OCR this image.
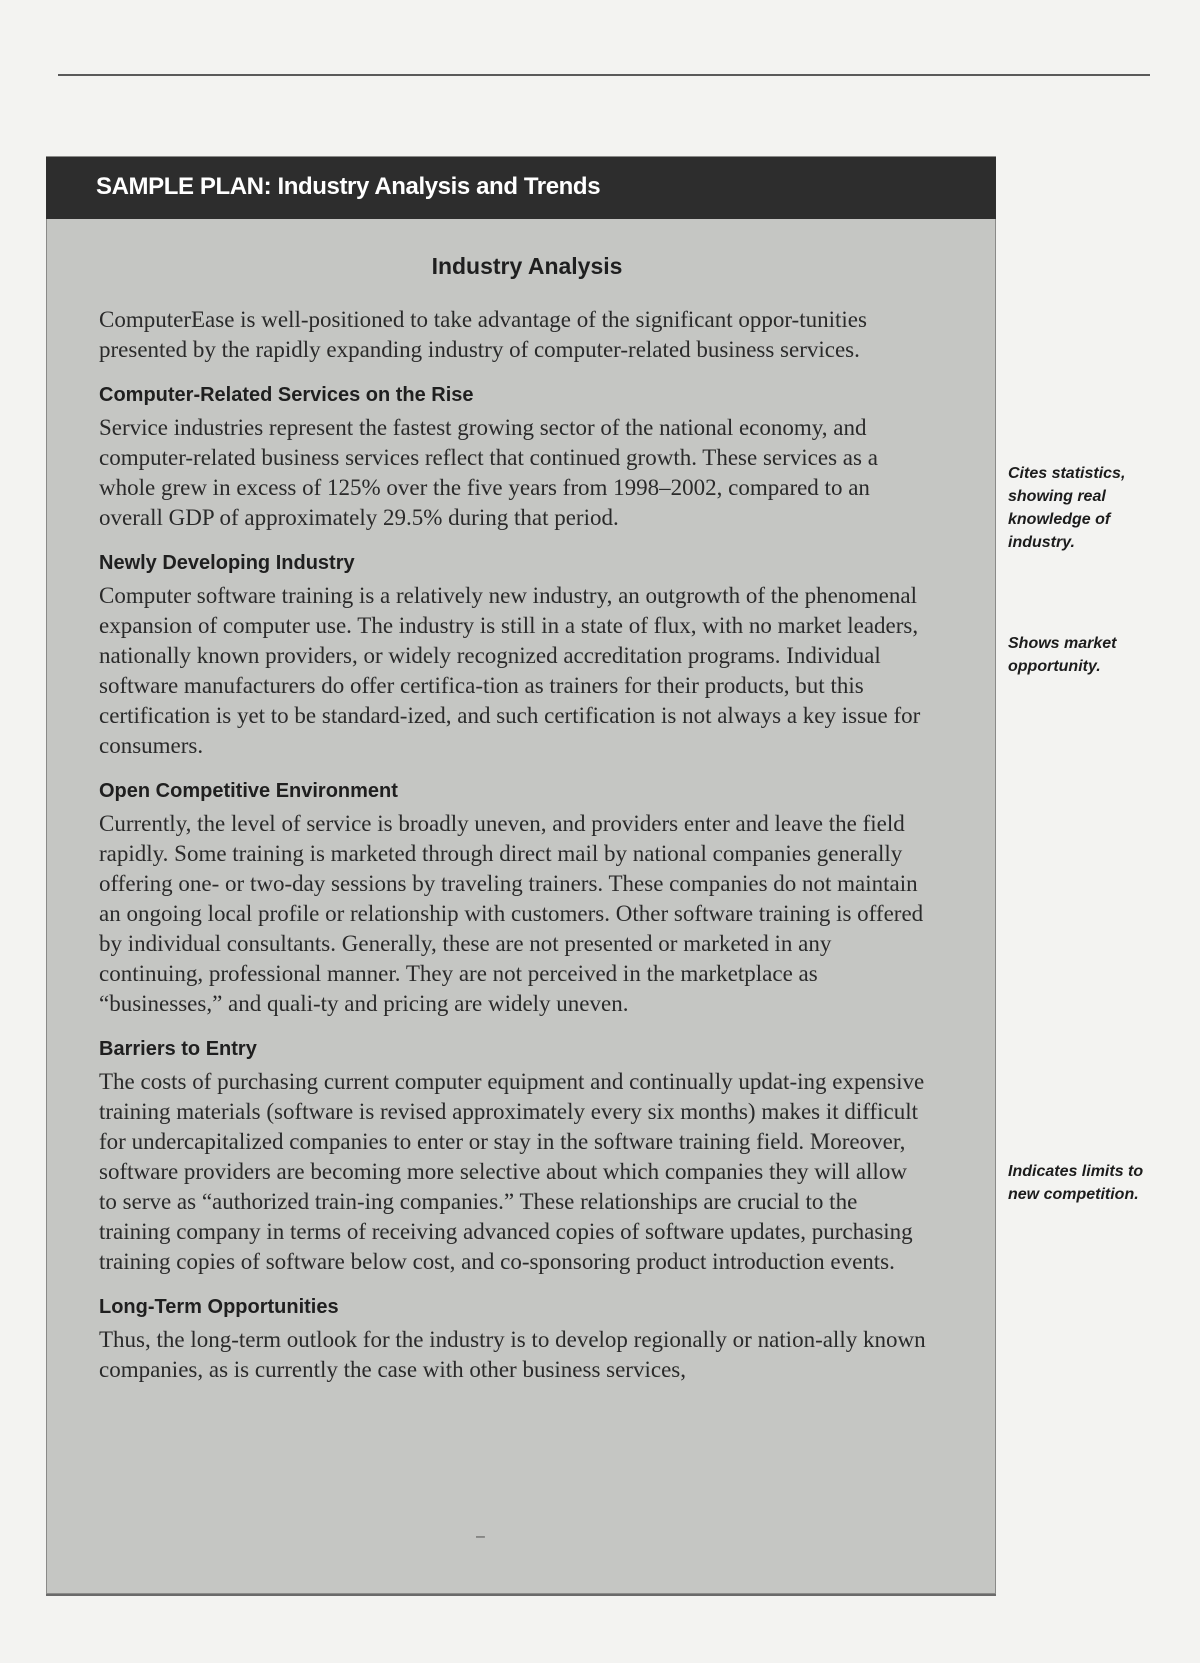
SAMPLE PLAN: Industry Analysis and Trends
Industry Analysis

ComputerEase is well-positioned to take advantage of the significant oppor-tunities presented by the rapidly expanding industry of computer-related business services.

Computer-Related Services on the Rise

Service industries represent the fastest growing sector of the national economy, and computer-related business services reflect that continued growth. These services as a whole grew in excess of 125% over the five years from 1998–2002, compared to an overall GDP of approximately 29.5% during that period.

Newly Developing Industry

Computer software training is a relatively new industry, an outgrowth of the phenomenal expansion of computer use. The industry is still in a state of flux, with no market leaders, nationally known providers, or widely recognized accreditation programs. Individual software manufacturers do offer certifica-tion as trainers for their products, but this certification is yet to be standard-ized, and such certification is not always a key issue for consumers.

Open Competitive Environment

Currently, the level of service is broadly uneven, and providers enter and leave the field rapidly. Some training is marketed through direct mail by national companies generally offering one- or two-day sessions by traveling trainers. These companies do not maintain an ongoing local profile or relationship with customers. Other software training is offered by individual consultants. Generally, these are not presented or marketed in any continuing, professional manner. They are not perceived in the marketplace as “businesses,” and quali-ty and pricing are widely uneven.

Barriers to Entry

The costs of purchasing current computer equipment and continually updat-ing expensive training materials (software is revised approximately every six months) makes it difficult for undercapitalized companies to enter or stay in the software training field. Moreover, software providers are becoming more selective about which companies they will allow to serve as “authorized train-ing companies.” These relationships are crucial to the training company in terms of receiving advanced copies of software updates, purchasing training copies of software below cost, and co-sponsoring product introduction events.

Long-Term Opportunities

Thus, the long-term outlook for the industry is to develop regionally or nation-ally known companies, as is currently the case with other business services,

–
Cites statistics, showing real knowledge of industry.
Shows market opportunity.
Indicates limits to new competition.
